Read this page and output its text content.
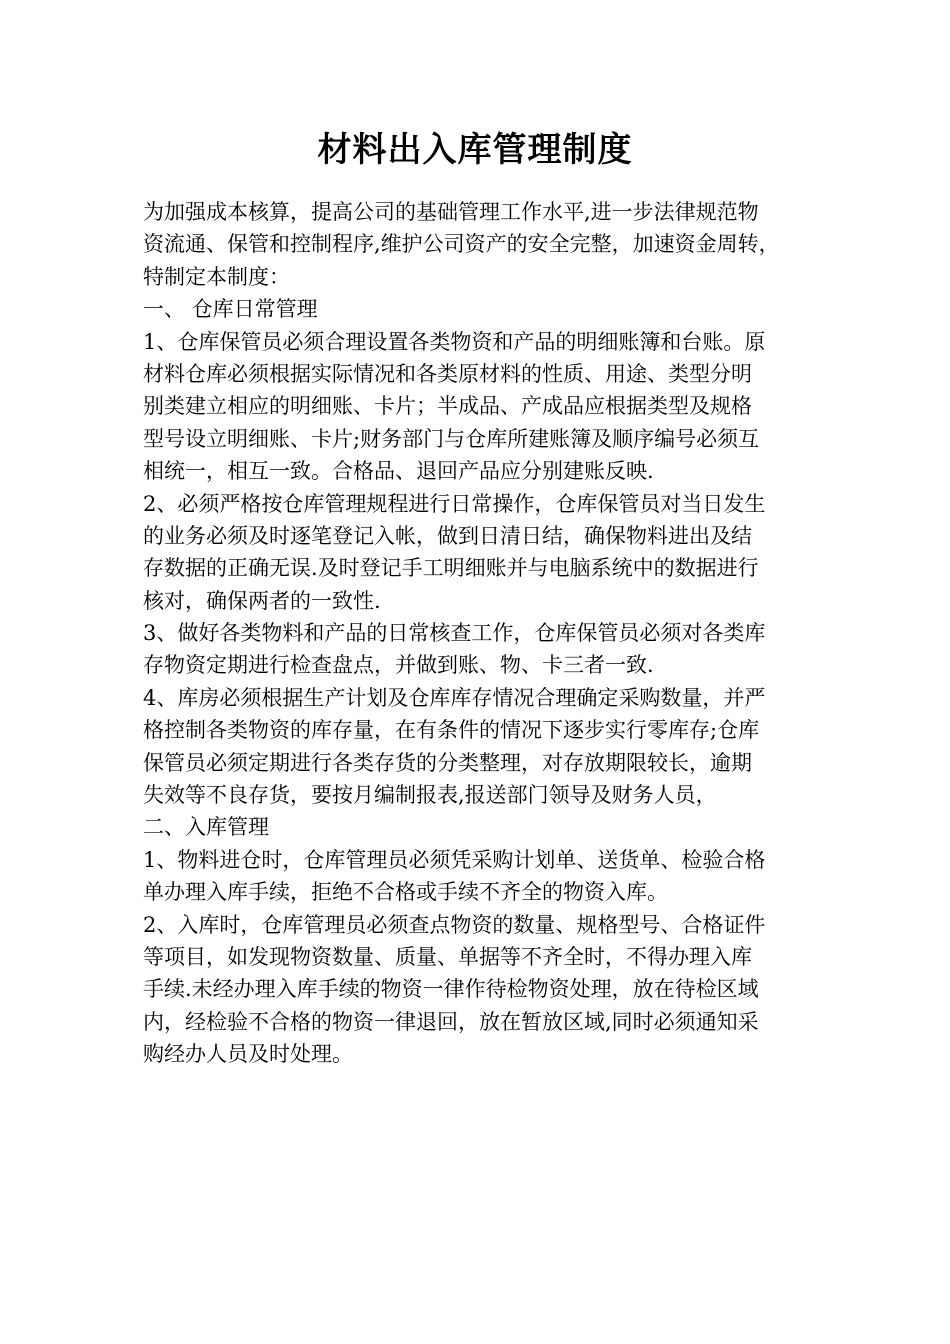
材料出入库管理制度
为加强成本核算，提高公司的基础管理工作水平,进一步法律规范物
资流通、保管和控制程序,维护公司资产的安全完整，加速资金周转，
特制定本制度：
一、 仓库日常管理
1、仓库保管员必须合理设置各类物资和产品的明细账簿和台账。原
材料仓库必须根据实际情况和各类原材料的性质、用途、类型分明
别类建立相应的明细账、卡片；半成品、产成品应根据类型及规格
型号设立明细账、卡片;财务部门与仓库所建账簿及顺序编号必须互
相统一，相互一致。合格品、退回产品应分别建账反映.
2、必须严格按仓库管理规程进行日常操作，仓库保管员对当日发生
的业务必须及时逐笔登记入帐，做到日清日结，确保物料进出及结
存数据的正确无误.及时登记手工明细账并与电脑系统中的数据进行
核对，确保两者的一致性.
3、做好各类物料和产品的日常核查工作，仓库保管员必须对各类库
存物资定期进行检查盘点，并做到账、物、卡三者一致.
4、库房必须根据生产计划及仓库库存情况合理确定采购数量，并严
格控制各类物资的库存量，在有条件的情况下逐步实行零库存;仓库
保管员必须定期进行各类存货的分类整理，对存放期限较长，逾期
失效等不良存货，要按月编制报表,报送部门领导及财务人员，
二、入库管理
1、物料进仓时，仓库管理员必须凭采购计划单、送货单、检验合格
单办理入库手续，拒绝不合格或手续不齐全的物资入库。
2、入库时，仓库管理员必须查点物资的数量、规格型号、合格证件
等项目，如发现物资数量、质量、单据等不齐全时，不得办理入库
手续.未经办理入库手续的物资一律作待检物资处理，放在待检区域
内，经检验不合格的物资一律退回，放在暂放区域,同时必须通知采
购经办人员及时处理。
